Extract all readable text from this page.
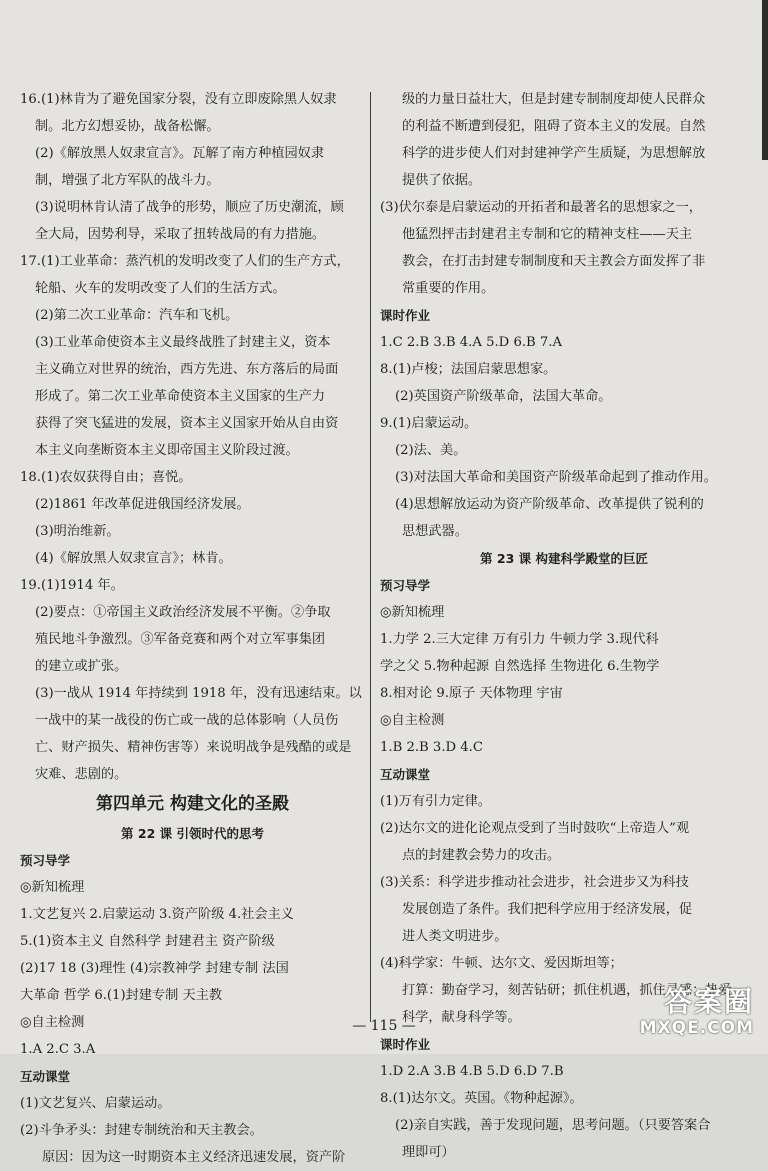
16.(1)林肯为了避免国家分裂，没有立即废除黑人奴隶
制。北方幻想妥协，战备松懈。
(2)《解放黑人奴隶宣言》。瓦解了南方种植园奴隶
制，增强了北方军队的战斗力。
(3)说明林肯认清了战争的形势，顺应了历史潮流，顾
全大局，因势利导，采取了扭转战局的有力措施。
17.(1)工业革命：蒸汽机的发明改变了人们的生产方式，
轮船、火车的发明改变了人们的生活方式。
(2)第二次工业革命：汽车和飞机。
(3)工业革命使资本主义最终战胜了封建主义，资本
主义确立对世界的统治，西方先进、东方落后的局面
形成了。第二次工业革命使资本主义国家的生产力
获得了突飞猛进的发展，资本主义国家开始从自由资
本主义向垄断资本主义即帝国主义阶段过渡。
18.(1)农奴获得自由；喜悦。
(2)1861 年改革促进俄国经济发展。
(3)明治维新。
(4)《解放黑人奴隶宣言》；林肯。
19.(1)1914 年。
(2)要点：①帝国主义政治经济发展不平衡。②争取
殖民地斗争激烈。③军备竞赛和两个对立军事集团
的建立或扩张。
(3)一战从 1914 年持续到 1918 年，没有迅速结束。以
一战中的某一战役的伤亡或一战的总体影响（人员伤
亡、财产损失、精神伤害等）来说明战争是残酷的或是
灾难、悲剧的。
第四单元 构建文化的圣殿
第 22 课 引领时代的思考
预习导学
◎新知梳理
1.文艺复兴 2.启蒙运动 3.资产阶级 4.社会主义
5.(1)资本主义 自然科学 封建君主 资产阶级
(2)17 18 (3)理性 (4)宗教神学 封建专制 法国
大革命 哲学 6.(1)封建专制 天主教
◎自主检测
1.A 2.C 3.A
互动课堂
(1)文艺复兴、启蒙运动。
(2)斗争矛头：封建专制统治和天主教会。
原因：因为这一时期资本主义经济迅速发展，资产阶
级的力量日益壮大，但是封建专制制度却使人民群众
的利益不断遭到侵犯，阻碍了资本主义的发展。自然
科学的进步使人们对封建神学产生质疑，为思想解放
提供了依据。
(3)伏尔泰是启蒙运动的开拓者和最著名的思想家之一，
他猛烈抨击封建君主专制和它的精神支柱——天主
教会，在打击封建专制制度和天主教会方面发挥了非
常重要的作用。
课时作业
1.C 2.B 3.B 4.A 5.D 6.B 7.A
8.(1)卢梭；法国启蒙思想家。
(2)英国资产阶级革命，法国大革命。
9.(1)启蒙运动。
(2)法、美。
(3)对法国大革命和美国资产阶级革命起到了推动作用。
(4)思想解放运动为资产阶级革命、改革提供了锐利的
思想武器。
第 23 课 构建科学殿堂的巨匠
预习导学
◎新知梳理
1.力学 2.三大定律 万有引力 牛顿力学 3.现代科
学之父 5.物种起源 自然选择 生物进化 6.生物学
8.相对论 9.原子 天体物理 宇宙
◎自主检测
1.B 2.B 3.D 4.C
互动课堂
(1)万有引力定律。
(2)达尔文的进化论观点受到了当时鼓吹“上帝造人”观
点的封建教会势力的攻击。
(3)关系：科学进步推动社会进步，社会进步又为科技
发展创造了条件。我们把科学应用于经济发展，促
进人类文明进步。
(4)科学家：牛顿、达尔文、爱因斯坦等；
打算：勤奋学习，刻苦钻研；抓住机遇，抓住灵感；热爱
科学，献身科学等。
课时作业
1.D 2.A 3.B 4.B 5.D 6.D 7.B
8.(1)达尔文。英国。《物种起源》。
(2)亲自实践，善于发现问题，思考问题。（只要答案合
理即可）
— 115 —
答案圈
MXQE.COM
